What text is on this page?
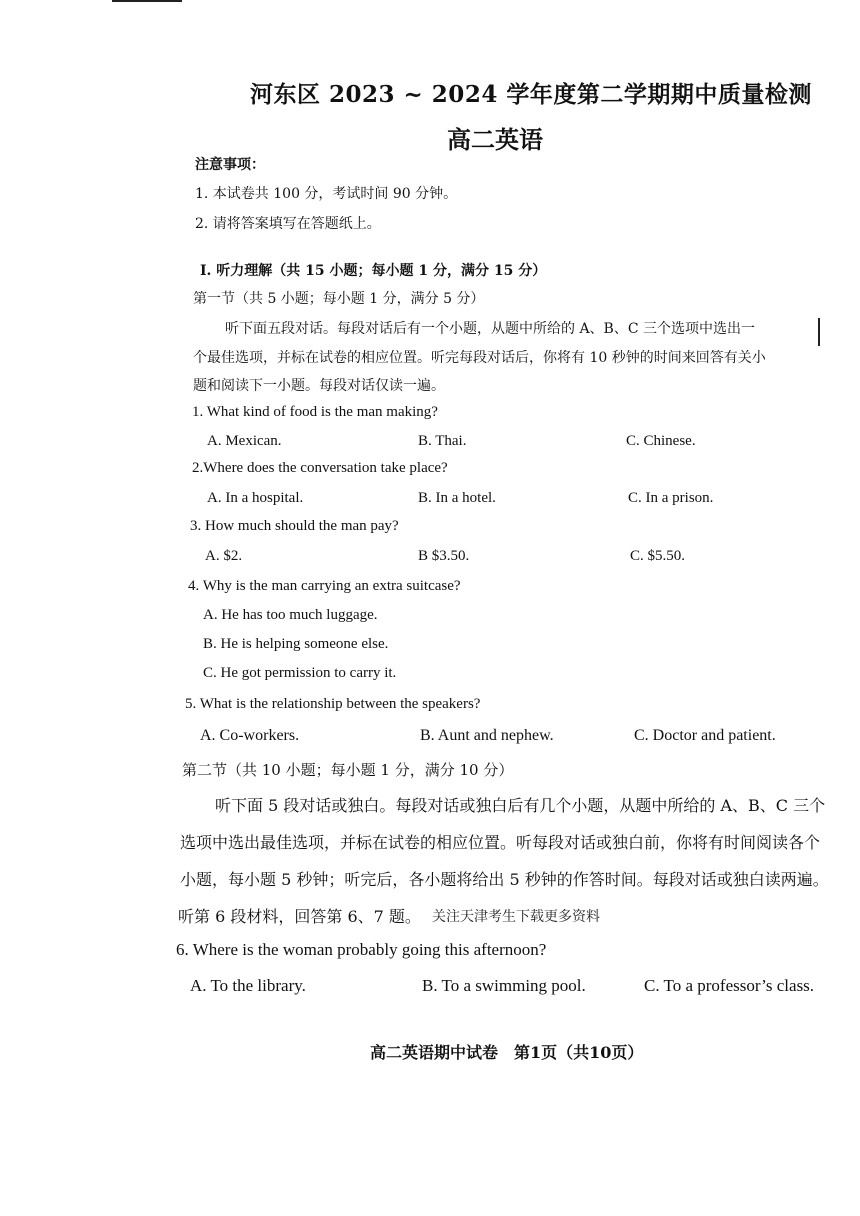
河东区 2023 ~ 2024 学年度第二学期期中质量检测
高二英语
注意事项：
1. 本试卷共 100 分，考试时间 90 分钟。
2. 请将答案填写在答题纸上。
Ⅰ. 听力理解（共 15 小题；每小题 1 分，满分 15 分）
第一节（共 5 小题；每小题 1 分，满分 5 分）
听下面五段对话。每段对话后有一个小题，从题中所给的 A、B、C 三个选项中选出一
个最佳选项，并标在试卷的相应位置。听完每段对话后，你将有 10 秒钟的时间来回答有关小
题和阅读下一小题。每段对话仅读一遍。
1. What kind of food is the man making?
A. Mexican.	B. Thai.	C. Chinese.
2.Where does the conversation take place?
A. In a hospital.	B. In a hotel.	C. In a prison.
3. How much should the man pay?
A. $2.	B $3.50.	C. $5.50.
4. Why is the man carrying an extra suitcase?
A. He has too much luggage.
B. He is helping someone else.
C. He got permission to carry it.
5. What is the relationship between the speakers?
A. Co-workers.	B. Aunt and nephew.	C. Doctor and patient.
第二节（共 10 小题；每小题 1 分，满分 10 分）
听下面 5 段对话或独白。每段对话或独白后有几个小题，从题中所给的 A、B、C 三个
选项中选出最佳选项，并标在试卷的相应位置。听每段对话或独白前，你将有时间阅读各个
小题，每小题 5 秒钟；听完后，各小题将给出 5 秒钟的作答时间。每段对话或独白读两遍。
听第 6 段材料，回答第 6、7 题。 关注天津考生下载更多资料
6. Where is the woman probably going this afternoon?
A. To the library.	B. To a swimming pool.	C. To a professor’s class.
高二英语期中试卷　第1页（共10页）
